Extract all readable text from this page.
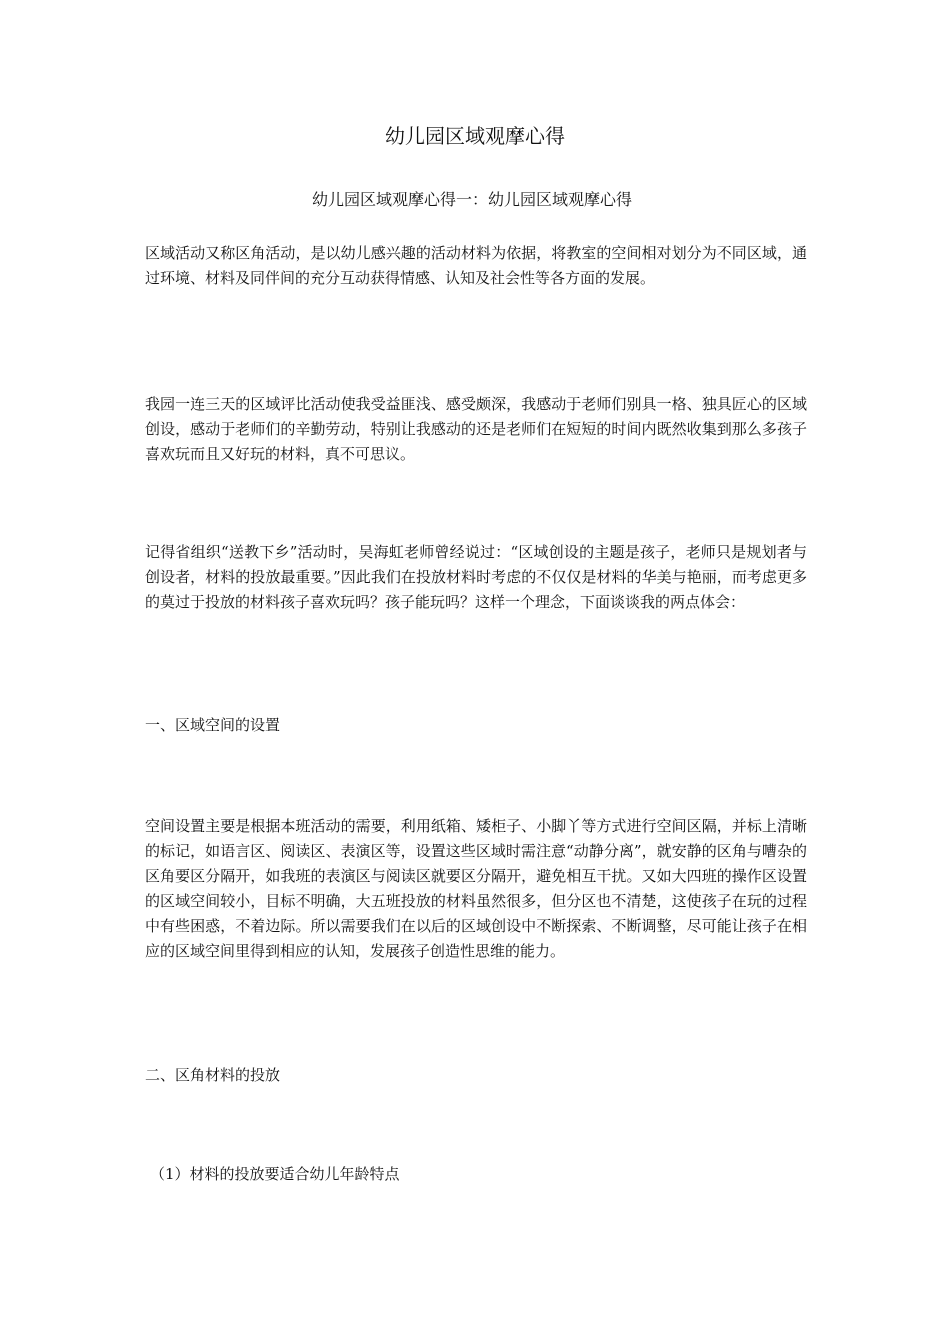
幼儿园区域观摩心得
幼儿园区域观摩心得一：幼儿园区域观摩心得

区域活动又称区角活动，是以幼儿感兴趣的活动材料为依据，将教室的空间相对划分为不同区域，通过环境、材料及同伴间的充分互动获得情感、认知及社会性等各方面的发展。

我园一连三天的区域评比活动使我受益匪浅、感受颇深，我感动于老师们别具一格、独具匠心的区域创设，感动于老师们的辛勤劳动，特别让我感动的还是老师们在短短的时间内既然收集到那么多孩子喜欢玩而且又好玩的材料，真不可思议。

记得省组织“送教下乡”活动时，吴海虹老师曾经说过：“区域创设的主题是孩子，老师只是规划者与创设者，材料的投放最重要。”因此我们在投放材料时考虑的不仅仅是材料的华美与艳丽，而考虑更多的莫过于投放的材料孩子喜欢玩吗？孩子能玩吗？这样一个理念，下面谈谈我的两点体会：

一、区域空间的设置

空间设置主要是根据本班活动的需要，利用纸箱、矮柜子、小脚丫等方式进行空间区隔，并标上清晰的标记，如语言区、阅读区、表演区等，设置这些区域时需注意“动静分离”，就安静的区角与嘈杂的区角要区分隔开，如我班的表演区与阅读区就要区分隔开，避免相互干扰。又如大四班的操作区设置的区域空间较小，目标不明确，大五班投放的材料虽然很多，但分区也不清楚，这使孩子在玩的过程中有些困惑，不着边际。所以需要我们在以后的区域创设中不断探索、不断调整，尽可能让孩子在相应的区域空间里得到相应的认知，发展孩子创造性思维的能力。

二、区角材料的投放

（1）材料的投放要适合幼儿年龄特点
